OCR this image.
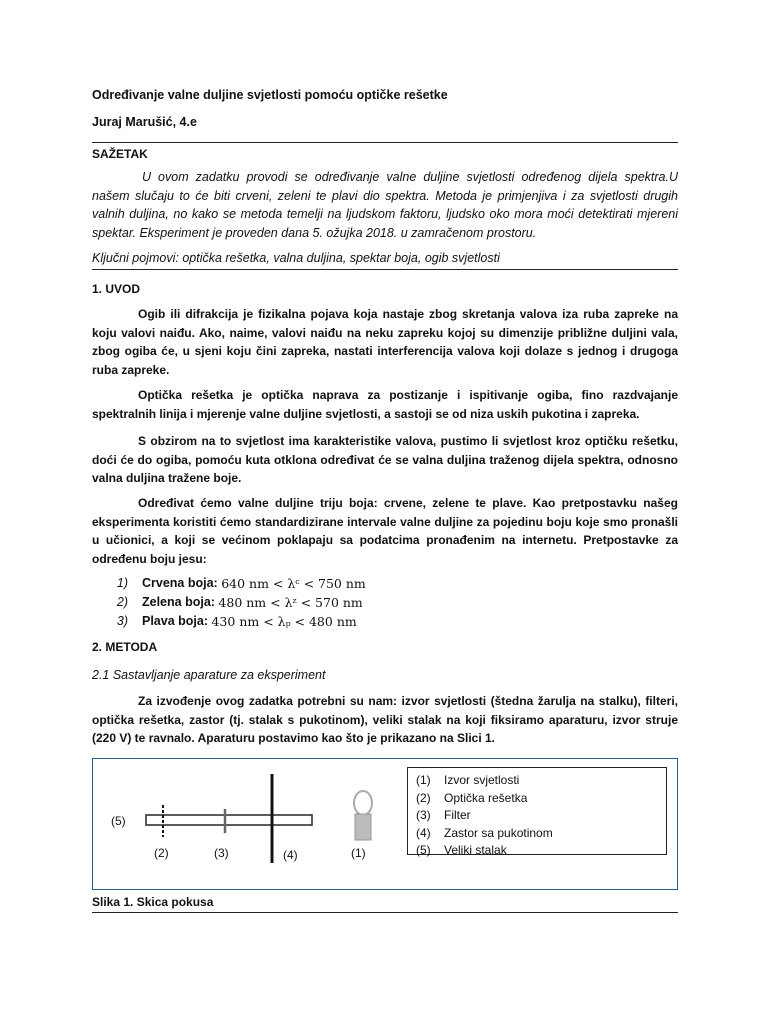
Određivanje valne duljine svjetlosti pomoću optičke rešetke
Juraj Marušić, 4.e
SAŽETAK
U ovom zadatku provodi se određivanje valne duljine svjetlosti određenog dijela spektra.U našem slučaju to će biti crveni, zeleni te plavi dio spektra. Metoda je primjenjiva i za svjetlosti drugih valnih duljina, no kako se metoda temelji na ljudskom faktoru, ljudsko oko mora moći detektirati mjereni spektar. Eksperiment je proveden dana 5. ožujka 2018. u zamračenom prostoru.
Ključni pojmovi: optička rešetka, valna duljina, spektar boja, ogib svjetlosti
1. UVOD
Ogib ili difrakcija je fizikalna pojava koja nastaje zbog skretanja valova iza ruba zapreke na koju valovi naiđu. Ako, naime, valovi naiđu na neku zapreku kojoj su dimenzije približne duljini vala, zbog ogiba će, u sjeni koju čini zapreka, nastati interferencija valova koji dolaze s jednog i drugoga ruba zapreke.
Optička rešetka je optička naprava za postizanje i ispitivanje ogiba, fino razdvajanje spektralnih linija i mjerenje valne duljine svjetlosti, a sastoji se od niza uskih pukotina i zapreka.
S obzirom na to svjetlost ima karakteristike valova, pustimo li svjetlost kroz optičku rešetku, doći će do ogiba, pomoću kuta otklona određivat će se valna duljina traženog dijela spektra, odnosno valna duljina tražene boje.
Određivat ćemo valne duljine triju boja: crvene, zelene te plave. Kao pretpostavku našeg eksperimenta koristiti ćemo standardizirane intervale valne duljine za pojedinu boju koje smo pronašli u učionici, a koji se većinom poklapaju sa podatcima pronađenim na internetu. Pretpostavke za određenu boju jesu:
1)	Crvena boja:
640 nm < λᶜ < 750 nm
2)	Zelena boja:
480 nm < λᶻ < 570 nm
3)	Plava boja:
430 nm < λₚ < 480 nm
2. METODA
2.1 Sastavljanje aparature za eksperiment
Za izvođenje ovog zadatka potrebni su nam: izvor svjetlosti (štedna žarulja na stalku), filteri, optička rešetka, zastor (tj. stalak s pukotinom), veliki stalak na koji fiksiramo aparaturu, izvor struje (220 V) te ravnalo. Aparaturu postavimo kao što je prikazano na Slici 1.
(5)
(2)	(3)	(4)	(1)
(1) Izvor svjetlosti
(2) Optička rešetka
(3) Filter
(4) Zastor sa pukotinom
(5) Veliki stalak
Slika 1. Skica pokusa
